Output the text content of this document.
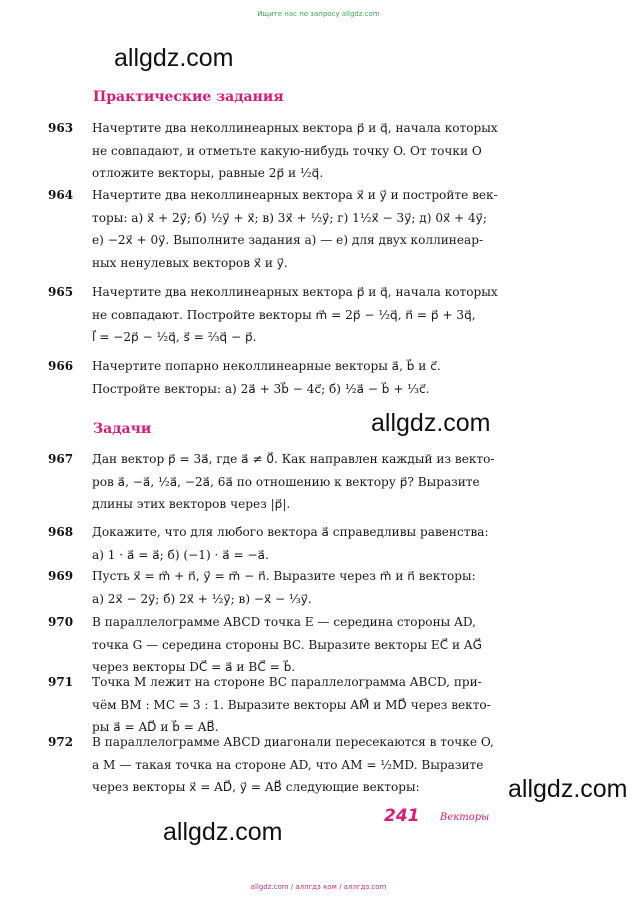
Ищите нас по запросу allgdz.com
allgdz.com
Практические задания
963 Начертите два неколлинеарных вектора p⃗ и q⃗, начала которых
не совпадают, и отметьте какую-нибудь точку O. От точки O
отложите векторы, равные 2p⃗ и ½q⃗.
964 Начертите два неколлинеарных вектора x⃗ и y⃗ и постройте век-
торы: а) x⃗ + 2y⃗; б) ½y⃗ + x⃗; в) 3x⃗ + ½y⃗; г) 1½x⃗ − 3y⃗; д) 0x⃗ + 4y⃗;
е) −2x⃗ + 0y⃗. Выполните задания а) — е) для двух коллинеар-
ных ненулевых векторов x⃗ и y⃗.
965 Начертите два неколлинеарных вектора p⃗ и q⃗, начала которых
не совпадают. Постройте векторы m⃗ = 2p⃗ − ½q⃗, n⃗ = p⃗ + 3q⃗,
l⃗ = −2p⃗ − ½q⃗, s⃗ = ⅔q⃗ − p⃗.
966 Начертите попарно неколлинеарные векторы a⃗, b⃗ и c⃗.
Постройте векторы: а) 2a⃗ + 3b⃗ − 4c⃗; б) ½a⃗ − b⃗ + ⅓c⃗.
Задачи	allgdz.com
967 Дан вектор p⃗ = 3a⃗, где a⃗ ≠ 0⃗. Как направлен каждый из векто-
ров a⃗, −a⃗, ½a⃗, −2a⃗, 6a⃗ по отношению к вектору p⃗? Выразите
длины этих векторов через |p⃗|.
968 Докажите, что для любого вектора a⃗ справедливы равенства:
а) 1 · a⃗ = a⃗; б) (−1) · a⃗ = −a⃗.
969 Пусть x⃗ = m⃗ + n⃗, y⃗ = m⃗ − n⃗. Выразите через m⃗ и n⃗ векторы:
а) 2x⃗ − 2y⃗; б) 2x⃗ + ½y⃗; в) −x⃗ − ⅓y⃗.
970 В параллелограмме ABCD точка E — середина стороны AD,
точка G — середина стороны BC. Выразите векторы EC⃗ и AG⃗
через векторы DC⃗ = a⃗ и BC⃗ = b⃗.
971 Точка M лежит на стороне BC параллелограмма ABCD, при-
чём BM : MC = 3 : 1. Выразите векторы AM⃗ и MD⃗ через векто-
ры a⃗ = AD⃗ и b⃗ = AB⃗.
972 В параллелограмме ABCD диагонали пересекаются в точке O,
а M — такая точка на стороне AD, что AM = ½MD. Выразите
через векторы x⃗ = AD⃗, y⃗ = AB⃗ следующие векторы:	allgdz.com
241 Векторы
allgdz.com
allgdz.com / аллгдз ком / аллгдз.com
